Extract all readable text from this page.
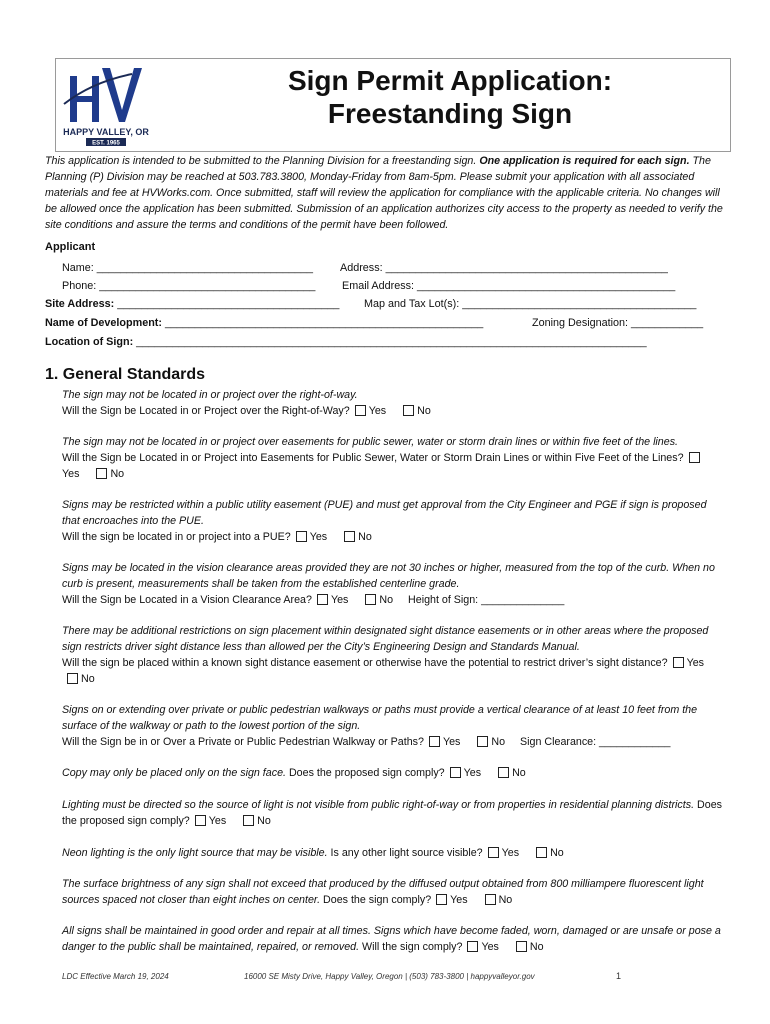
HAPPY VALLEY, OR
EST. 1965
Sign Permit Application:
Freestanding Sign
This application is intended to be submitted to the Planning Division for a freestanding sign. One application is required for each sign. The Planning (P) Division may be reached at 503.783.3800, Monday-Friday from 8am-5pm. Please submit your application with all associated materials and fee at HVWorks.com. Once submitted, staff will review the application for compliance with the applicable criteria. No changes will be allowed once the application has been submitted. Submission of an application authorizes city access to the property as needed to verify the site conditions and assure the terms and conditions of the permit have been followed.
Applicant
Name: ____________________________________	Address: _______________________________________________
Phone: ____________________________________ Email Address: ___________________________________________
Site Address: _____________________________________ Map and Tax Lot(s): _______________________________________
Name of Development: _____________________________________________________	Zoning Designation: ____________
Location of Sign: _____________________________________________________________________________________
1. General Standards
The sign may not be located in or project over the right-of-way.
Will the Sign be Located in or Project over the Right-of-Way? Yes	No
The sign may not be located in or project over easements for public sewer, water or storm drain lines or within five feet of the lines.
Will the Sign be Located in or Project into Easements for Public Sewer, Water or Storm Drain Lines or within Five Feet of the Lines?Yes	No
Signs may be restricted within a public utility easement (PUE) and must get approval from the City Engineer and PGE if sign is proposed that encroaches into the PUE.
Will the sign be located in or project into a PUE? Yes	No
Signs may be located in the vision clearance areas provided they are not 30 inches or higher, measured from the top of the curb. When no curb is present, measurements shall be taken from the established centerline grade.
Will the Sign be Located in a Vision Clearance Area? Yes	No Height of Sign: ______________
There may be additional restrictions on sign placement within designated sight distance easements or in other areas where the proposed sign restricts driver sight distance less than allowed per the City’s Engineering Design and Standards Manual.
Will the sign be placed within a known sight distance easement or otherwise have the potential to restrict driver’s sight distance? YesNo
Signs on or extending over private or public pedestrian walkways or paths must provide a vertical clearance of at least 10 feet from the surface of the walkway or path to the lowest portion of the sign.
Will the Sign be in or Over a Private or Public Pedestrian Walkway or Paths? Yes	No Sign Clearance: ____________
Copy may only be placed only on the sign face. Does the proposed sign comply? Yes	No
Lighting must be directed so the source of light is not visible from public right-of-way or from properties in residential planning districts. Does the proposed sign comply? Yes	No
Neon lighting is the only light source that may be visible. Is any other light source visible? Yes	No
The surface brightness of any sign shall not exceed that produced by the diffused output obtained from 800 milliampere fluorescent light sources spaced not closer than eight inches on center. Does the sign comply? Yes	No
All signs shall be maintained in good order and repair at all times. Signs which have become faded, worn, damaged or are unsafe or pose a danger to the public shall be maintained, repaired, or removed. Will the sign comply? Yes	No
LDC Effective March 19, 2024	16000 SE Misty Drive, Happy Valley, Oregon | (503) 783-3800 | happyvalleyor.gov	1
